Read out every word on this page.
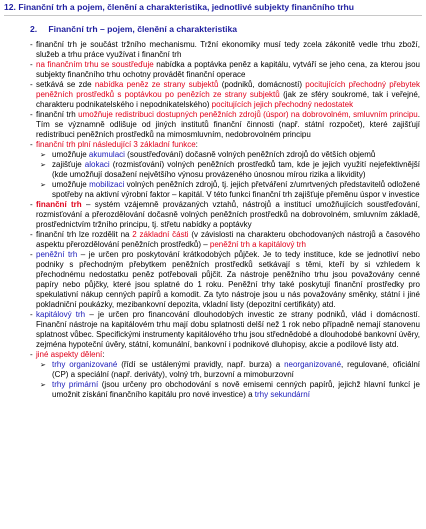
12. Finanční trh a pojem, členění a charakteristika, jednotlivé subjekty finančního trhu
2. Finanční trh – pojem, členění a charakteristika
- finanční trh je součást tržního mechanismu. Tržní ekonomiky musí tedy zcela zákonitě vedle trhu zboží, služeb a trhu práce využívat i finanční trh
- na finančním trhu se soustřeďuje nabídka a poptávka peněz a kapitálu, vytváří se jeho cena, za kterou jsou subjekty finančního trhu ochotny provádět finanční operace
- setkává se zde nabídka peněz ze strany subjektů (podniků, domácností) pocitujících přechodný přebytek peněžních prostředků s poptávkou po penězích ze strany subjektů (jak ze sféry soukromé, tak i veřejné, charakteru podnikatelského i nepodnikatelského) pocitujících jejich přechodný nedostatek
- finanční trh umožňuje redistribuci dostupných peněžních zdrojů (úspor) na dobrovolném, smluvním principu. Tím se významně odlišuje od jiných institutů finanční činnosti (např. státní rozpočet), které zajišťují redistribuci peněžních prostředků na mimosmluvním, nedobrovolném principu
- finanční trh plní následující 3 základní funkce:
➢ umožňuje akumulaci (soustřeďování) dočasně volných peněžních zdrojů do větších objemů
➢ zajišťuje alokaci (rozmisťování) volných peněžních prostředků tam, kde je jejich využití nejefektivnější (kde umožňují dosažení největšího výnosu provázeného únosnou mírou rizika a likvidity)
➢ umožňuje mobilizaci volných peněžních zdrojů, tj. jejich přetváření z/umrtvených představitelů odložené spotřeby na aktivní výrobní faktor – kapitál. V této funkci finanční trh zajišťuje přeměnu úspor v investice
- finanční trh – systém vzájemně provázaných vztahů, nástrojů a institucí umožňujících soustřeďování, rozmisťování a přerozdělování dočasně volných peněžních prostředků na dobrovolném, smluvním základě, prostřednictvím tržního principu, tj. střetu nabídky a poptávky
- finanční trh lze rozdělit na 2 základní části (v závislosti na charakteru obchodovaných nástrojů a časového aspektu přerozdělování peněžních prostředků) – peněžní trh a kapitálový trh
- peněžní trh – je určen pro poskytování krátkodobých půjček. Je to tedy instituce, kde se jednotliví nebo podniky s přechodným přebytkem peněžních prostředků setkávají s těmi, kteří by si vzhledem k přechodnému nedostatku peněz potřebovali půjčit. Za nástroje peněžního trhu jsou považovány cenné papíry nebo půjčky, které jsou splatné do 1 roku. Peněžní trhy také poskytují finanční prostředky pro spekulativní nákup cenných papírů a komodit. Za tyto nástroje jsou u nás považovány směnky, státní i jiné pokladniční poukázky, mezibankovní depozita, vkladní listy (depozitní certifikáty) atd.
- kapitálový trh – je určen pro financování dlouhodobých investic ze strany podniků, vlád i domácností. Finanční nástroje na kapitálovém trhu mají dobu splatnosti delší než 1 rok nebo případně nemají stanovenu splatnost vůbec. Specifickými instrumenty kapitálového trhu jsou střednědobé a dlouhodobé bankovní úvěry, zejména hypoteční úvěry, státní, komunální, bankovní i podnikové dluhopisy, akcie a podílové listy atd.
- jiné aspekty dělení:
➢ trhy organizované (řídí se ustálenými pravidly, např. burza) a neorganizované, regulované, oficiální (CP) a speciální (např. deriváty), volný trh, burzovní a mimoburzovní
➢ trhy primární (jsou určeny pro obchodování s nově emisemi cenných papírů, jejichž hlavní funkcí je umožnit získání finančního kapitálu pro nové investice) a trhy sekundární
